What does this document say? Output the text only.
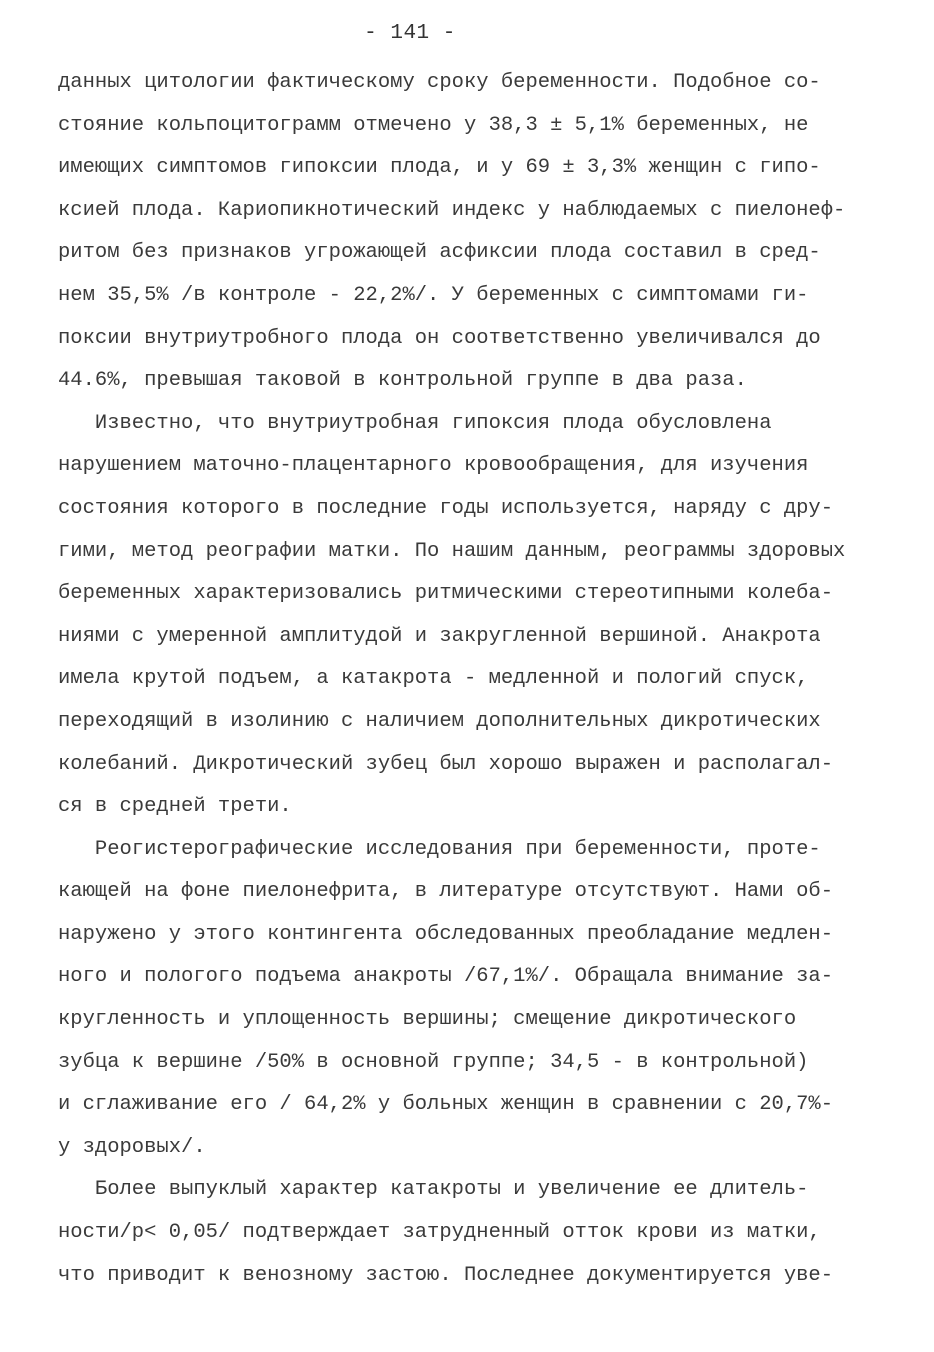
- 141 -
данных цитологии фактическому сроку беременности. Подобное со-
стояние кольпоцитограмм отмечено у 38,3 ± 5,1% беременных, не
имеющих симптомов гипоксии плода, и у 69 ± 3,3% женщин с гипо-
ксией плода. Кариопикнотический индекс у наблюдаемых с пиелонеф-
ритом без признаков угрожающей асфиксии плода составил в сред-
нем 35,5% /в контроле - 22,2%/. У беременных с симптомами ги-
поксии внутриутробного плода он соответственно увеличивался до
44.6%, превышая таковой в контрольной группе в два раза.
Известно, что внутриутробная гипоксия плода обусловлена
нарушением маточно-плацентарного кровообращения, для изучения
состояния которого в последние годы используется, наряду с дру-
гими, метод реографии матки. По нашим данным, реограммы здоровых
беременных характеризовались ритмическими стереотипными колеба-
ниями с умеренной амплитудой и закругленной вершиной. Анакрота
имела крутой подъем, а катакрота - медленной и пологий спуск,
переходящий в изолинию с наличием дополнительных дикротических
колебаний. Дикротический зубец был хорошо выражен и располагал-
ся в средней трети.
Реогистерографические исследования при беременности, проте-
кающей на фоне пиелонефрита, в литературе отсутствуют. Нами об-
наружено у этого контингента обследованных преобладание медлен-
ного и пологого подъема анакроты /67,1%/. Обращала внимание за-
кругленность и уплощенность вершины; смещение дикротического
зубца к вершине /50% в основной группе; 34,5 - в контрольной)
и сглаживание его / 64,2% у больных женщин в сравнении с 20,7%-
у здоровых/.
Более выпуклый характер катакроты и увеличение ее длитель-
ности/p< 0,05/ подтверждает затрудненный отток крови из матки,
что приводит к венозному застою. Последнее документируется уве-
